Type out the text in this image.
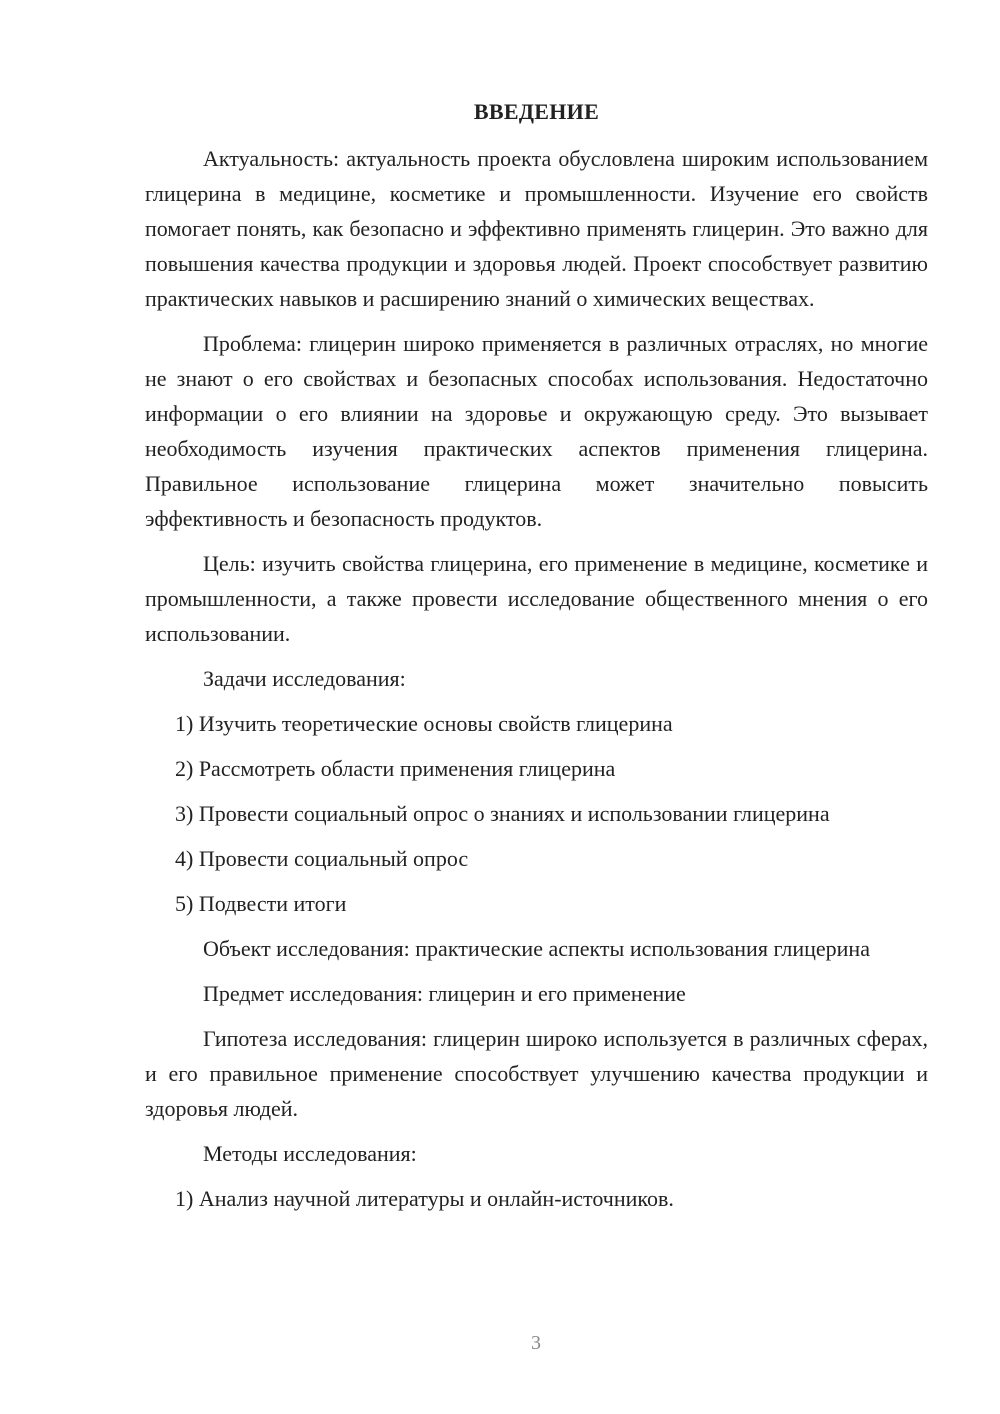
ВВЕДЕНИЕ

Актуальность: актуальность проекта обусловлена широким использованием глицерина в медицине, косметике и промышленности. Изучение его свойств помогает понять, как безопасно и эффективно применять глицерин. Это важно для повышения качества продукции и здоровья людей. Проект способствует развитию практических навыков и расширению знаний о химических веществах.

Проблема: глицерин широко применяется в различных отраслях, но многие не знают о его свойствах и безопасных способах использования. Недостаточно информации о его влиянии на здоровье и окружающую среду. Это вызывает необходимость изучения практических аспектов применения глицерина. Правильное использование глицерина может значительно повысить эффективность и безопасность продуктов.

Цель: изучить свойства глицерина, его применение в медицине, косметике и промышленности, а также провести исследование общественного мнения о его использовании.

Задачи исследования:

1) Изучить теоретические основы свойств глицерина

2) Рассмотреть области применения глицерина

3) Провести социальный опрос о знаниях и использовании глицерина

4) Провести социальный опрос

5) Подвести итоги

Объект исследования: практические аспекты использования глицерина

Предмет исследования: глицерин и его применение

Гипотеза исследования: глицерин широко используется в различных сферах, и его правильное применение способствует улучшению качества продукции и здоровья людей.

Методы исследования:

1) Анализ научной литературы и онлайн-источников.

3
